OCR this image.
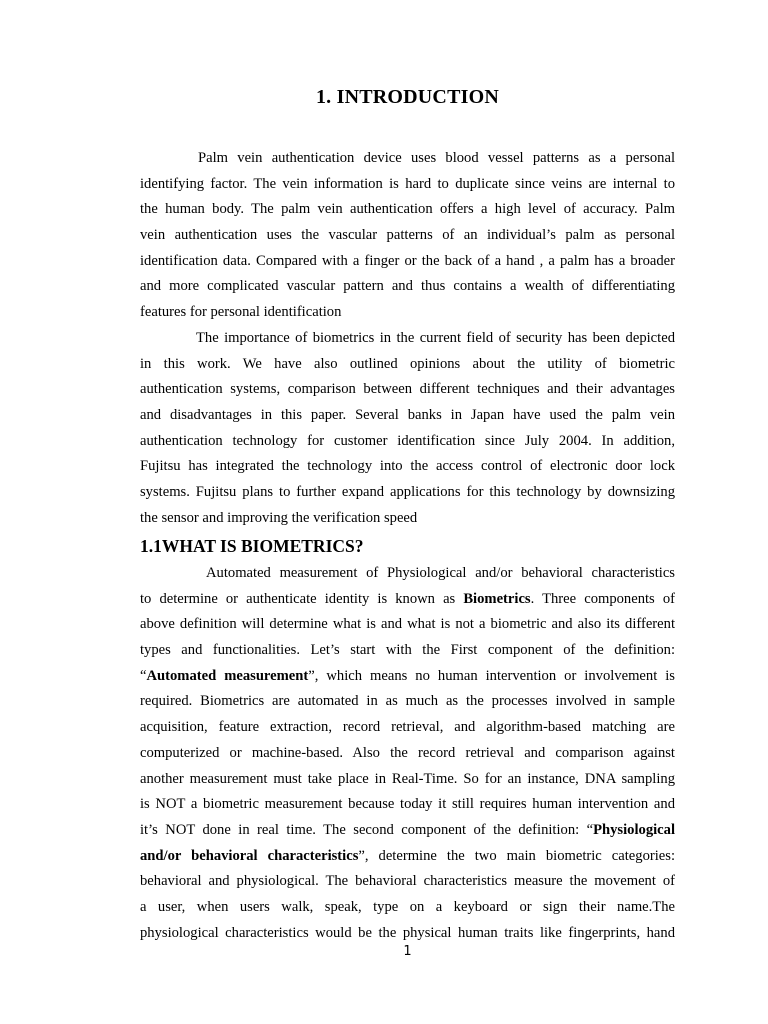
1. INTRODUCTION
Palm vein authentication device uses blood vessel patterns as a personal
identifying factor. The vein information is hard to duplicate since veins are internal to
the human body. The palm vein authentication offers a high level of accuracy. Palm
vein authentication uses the vascular patterns of an individual’s palm as personal
identification data. Compared with a finger or the back of a hand , a palm has a broader
and more complicated vascular pattern and thus contains a wealth of differentiating
features for personal identification
The importance of biometrics in the current field of security has been depicted
in this work. We have also outlined opinions about the utility of biometric
authentication systems, comparison between different techniques and their advantages
and disadvantages in this paper. Several banks in Japan have used the palm vein
authentication technology for customer identification since July 2004. In addition,
Fujitsu has integrated the technology into the access control of electronic door lock
systems. Fujitsu plans to further expand applications for this technology by downsizing
the sensor and improving the verification speed
1.1WHAT IS BIOMETRICS?
Automated measurement of Physiological and/or behavioral characteristics
to determine or authenticate identity is known as Biometrics. Three components of
above definition will determine what is and what is not a biometric and also its different
types and functionalities. Let’s start with the First component of the definition:
“Automated measurement”, which means no human intervention or involvement is
required. Biometrics are automated in as much as the processes involved in sample
acquisition, feature extraction, record retrieval, and algorithm-based matching are
computerized or machine-based. Also the record retrieval and comparison against
another measurement must take place in Real-Time. So for an instance, DNA sampling
is NOT a biometric measurement because today it still requires human intervention and
it’s NOT done in real time. The second component of the definition: “Physiological
and/or behavioral characteristics”, determine the two main biometric categories:
behavioral and physiological. The behavioral characteristics measure the movement of
a user, when users walk, speak, type on a keyboard or sign their name.The
physiological characteristics would be the physical human traits like fingerprints, hand
1
